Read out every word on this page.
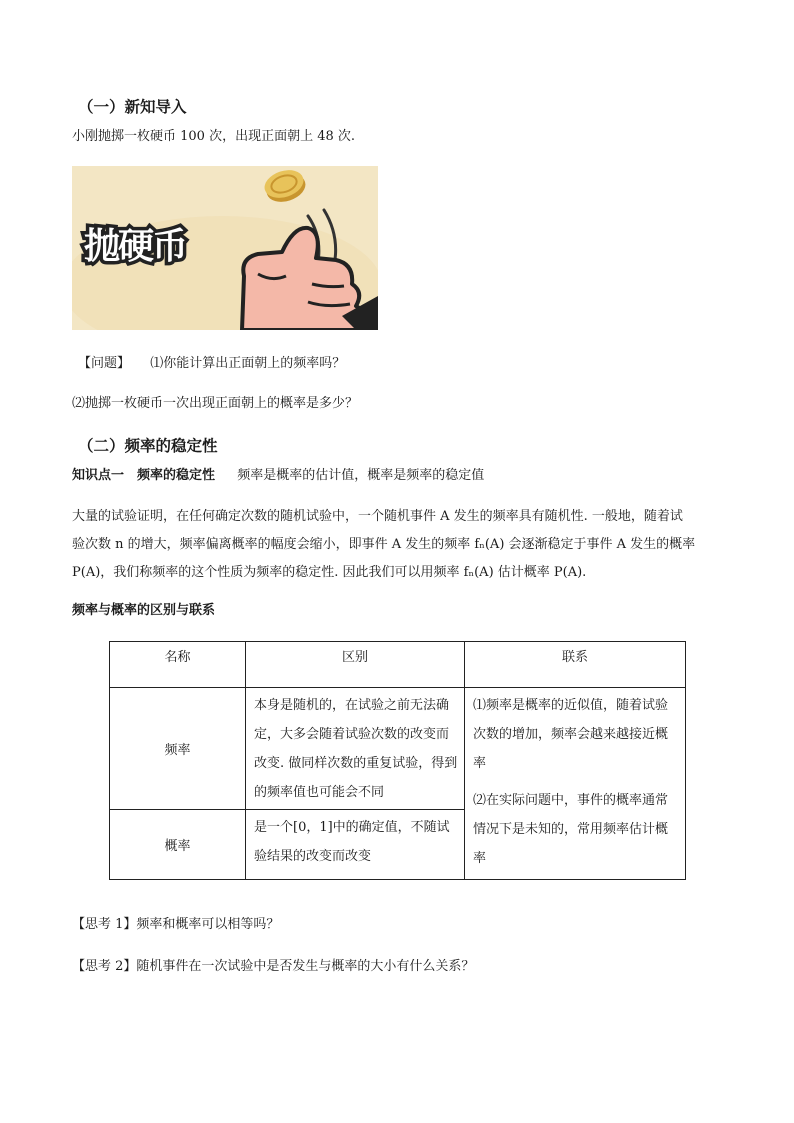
（一）新知导入
小刚抛掷一枚硬币 100 次，出现正面朝上 48 次.
抛硬币
【问题】 ⑴你能计算出正面朝上的频率吗？
⑵抛掷一枚硬币一次出现正面朝上的概率是多少？
（二）频率的稳定性
知识点一　频率的稳定性 频率是概率的估计值，概率是频率的稳定值
大量的试验证明，在任何确定次数的随机试验中，一个随机事件 A 发生的频率具有随机性. 一般地，随着试
验次数 n 的增大，频率偏离概率的幅度会缩小，即事件 A 发生的频率 fₙ(A) 会逐渐稳定于事件 A 发生的概率
P(A)，我们称频率的这个性质为频率的稳定性. 因此我们可以用频率 fₙ(A) 估计概率 P(A).
频率与概率的区别与联系
名称	区别	联系
频率	本身是随机的，在试验之前无法确定，大多会随着试验次数的改变而改变. 做同样次数的重复试验，得到的频率值也可能会不同	⑴频率是概率的近似值，随着试验次数的增加，频率会越来越接近概率

⑵在实际问题中，事件的概率通常情况下是未知的，常用频率估计概率

概率	是一个[0，1]中的确定值，不随试验结果的改变而改变	
【思考 1】频率和概率可以相等吗？
【思考 2】随机事件在一次试验中是否发生与概率的大小有什么关系？
